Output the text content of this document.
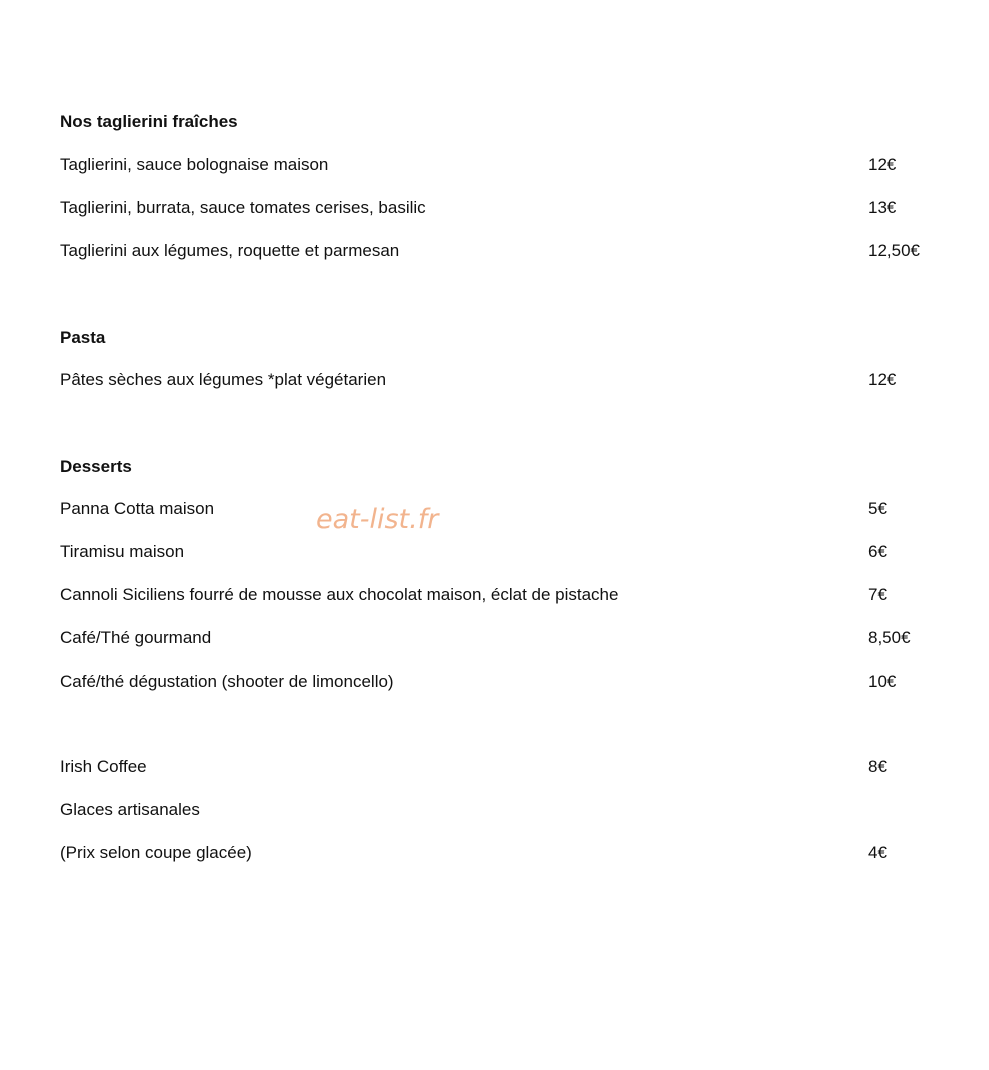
Nos taglierini fraîches
Taglierini, sauce bolognaise maison	12€
Taglierini, burrata, sauce tomates cerises, basilic	13€
Taglierini aux légumes, roquette et parmesan	12,50€
Pasta
Pâtes sèches aux légumes *plat végétarien	12€
Desserts
Panna Cotta maison	5€
Tiramisu maison	6€
Cannoli Siciliens fourré de mousse aux chocolat maison, éclat de pistache	7€
Café/Thé gourmand	8,50€
Café/thé dégustation (shooter de limoncello)	10€
Irish Coffee	8€
Glaces artisanales
(Prix selon coupe glacée)	4€
eat-list.fr
